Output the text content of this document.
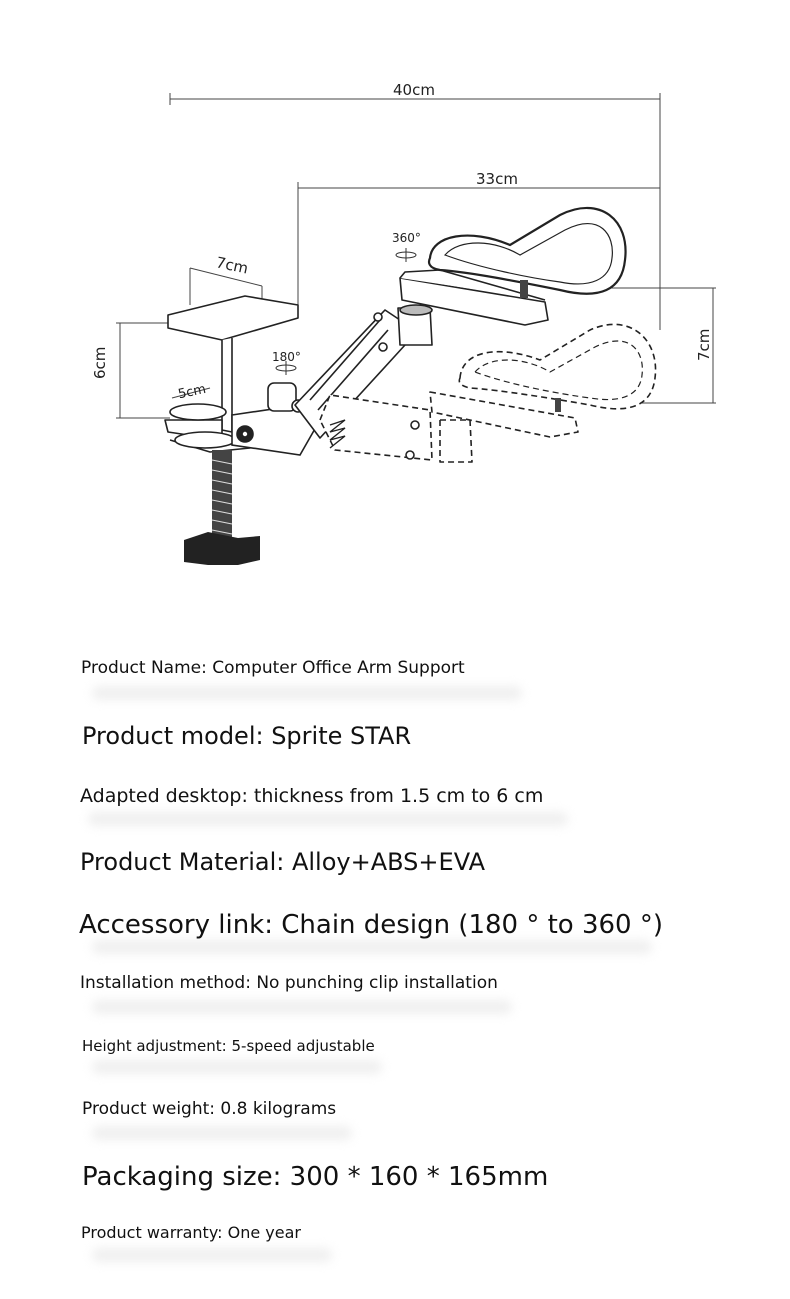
40cm
33cm
7cm
6cm
5cm
7cm
360°
180°
Product Name: Computer Office Arm Support
Product model: Sprite STAR
Adapted desktop: thickness from 1.5 cm to 6 cm
Product Material: Alloy+ABS+EVA
Accessory link: Chain design (180 ° to 360 °)
Installation method: No punching clip installation
Height adjustment: 5-speed adjustable
Product weight: 0.8 kilograms
Packaging size: 300 * 160 * 165mm
Product warranty: One year
